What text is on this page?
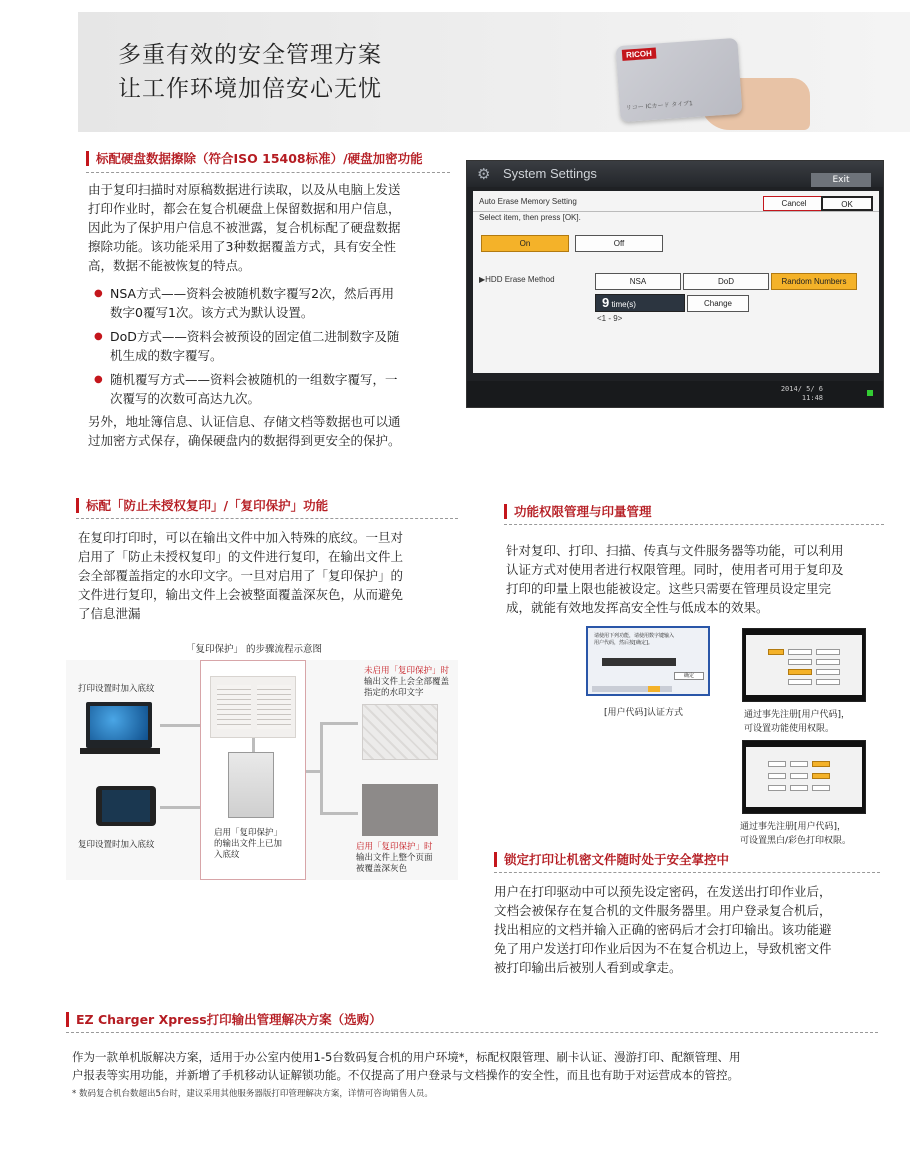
多重有效的安全管理方案
让工作环境加倍安心无忧
RICOH
リコー ICカード タイプ1
标配硬盘数据擦除（符合ISO 15408标准）/硬盘加密功能
由于复印扫描时对原稿数据进行读取，以及从电脑上发送
打印作业时，都会在复合机硬盘上保留数据和用户信息，
因此为了保护用户信息不被泄露，复合机标配了硬盘数据
擦除功能。该功能采用了3种数据覆盖方式，具有安全性
高，数据不能被恢复的特点。
● NSA方式——资料会被随机数字覆写2次，然后再用
数字0覆写1次。该方式为默认设置。
● DoD方式——资料会被预设的固定值二进制数字及随
机生成的数字覆写。
● 随机覆写方式——资料会被随机的一组数字覆写，一
次覆写的次数可高达九次。
另外，地址簿信息、认证信息、存储文档等数据也可以通
过加密方式保存，确保硬盘内的数据得到更安全的保护。
⚙ System Settings	Exit
Auto Erase Memory Setting	Cancel	OK
Select item, then press [OK].
On	Off
▶HDD Erase Method	NSA	DoD	Random Numbers
9 time(s)	Change
<1 - 9>
2014/ 5/ 6
11:48
标配「防止未授权复印」/「复印保护」功能
在复印打印时，可以在输出文件中加入特殊的底纹。一旦对
启用了「防止未授权复印」的文件进行复印，在输出文件上
会全部覆盖指定的水印文字。一旦对启用了「复印保护」的
文件进行复印，输出文件上会被整面覆盖深灰色，从而避免
了信息泄漏
「复印保护」 的步骤流程示意图
打印设置时加入底纹
复印设置时加入底纹
启用「复印保护」
的输出文件上已加
入底纹
未启用「复印保护」时
输出文件上会全部覆盖
指定的水印文字
启用「复印保护」时
输出文件上整个页面
被覆盖深灰色
功能权限管理与印量管理
针对复印、打印、扫描、传真与文件服务器等功能，可以利用
认证方式对使用者进行权限管理。同时，使用者可用于复印及
打印的印量上限也能被设定。这些只需要在管理员设定里完
成，就能有效地发挥高安全性与低成本的效果。
请使用下列功能，请使用数字键输入
用户代码，然后按[确定]。
确定
[用户代码]认证方式	通过事先注册[用户代码]，
可设置功能使用权限。
通过事先注册[用户代码]，
可设置黑白/彩色打印权限。
锁定打印让机密文件随时处于安全掌控中
用户在打印驱动中可以预先设定密码，在发送出打印作业后，
文档会被保存在复合机的文件服务器里。用户登录复合机后，
找出相应的文档并输入正确的密码后才会打印输出。该功能避
免了用户发送打印作业后因为不在复合机边上，导致机密文件
被打印输出后被别人看到或拿走。
EZ Charger Xpress打印输出管理解决方案（选购）
作为一款单机版解决方案，适用于办公室内使用1-5台数码复合机的用户环境*，标配权限管理、刷卡认证、漫游打印、配额管理、用
户报表等实用功能，并新增了手机移动认证解锁功能。不仅提高了用户登录与文档操作的安全性，而且也有助于对运营成本的管控。
* 数码复合机台数超出5台时，建议采用其他服务器版打印管理解决方案，详情可咨询销售人员。
